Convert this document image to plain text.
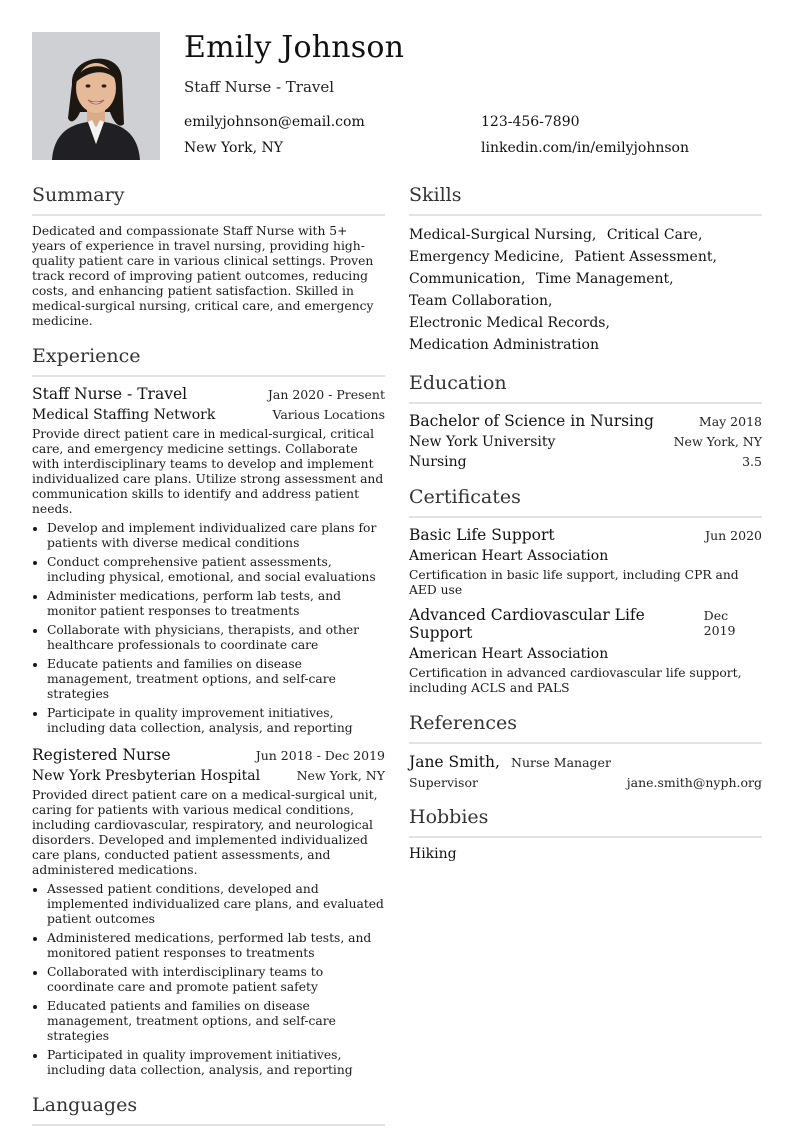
Emily Johnson
Staff Nurse - Travel
emilyjohnson@email.com	123-456-7890
New York, NY	linkedin.com/in/emilyjohnson
Summary

Dedicated and compassionate Staff Nurse with 5+ years of experience in travel nursing, providing high-quality patient care in various clinical settings. Proven track record of improving patient outcomes, reducing costs, and enhancing patient satisfaction. Skilled in medical-surgical nursing, critical care, and emergency medicine.

Experience
Staff Nurse - Travel	Jan 2020 - Present
Medical Staffing Network	Various Locations

Provide direct patient care in medical-surgical, critical care, and emergency medicine settings. Collaborate with interdisciplinary teams to develop and implement individualized care plans. Utilize strong assessment and communication skills to identify and address patient needs.

• Develop and implement individualized care plans for patients with diverse medical conditions
• Conduct comprehensive patient assessments, including physical, emotional, and social evaluations
• Administer medications, perform lab tests, and monitor patient responses to treatments
• Collaborate with physicians, therapists, and other healthcare professionals to coordinate care
• Educate patients and families on disease management, treatment options, and self-care strategies
• Participate in quality improvement initiatives, including data collection, analysis, and reporting
Registered Nurse	Jun 2018 - Dec 2019
New York Presbyterian Hospital	New York, NY

Provided direct patient care on a medical-surgical unit, caring for patients with various medical conditions, including cardiovascular, respiratory, and neurological disorders. Developed and implemented individualized care plans, conducted patient assessments, and administered medications.

• Assessed patient conditions, developed and implemented individualized care plans, and evaluated patient outcomes
• Administered medications, performed lab tests, and monitored patient responses to treatments
• Collaborated with interdisciplinary teams to coordinate care and promote patient safety
• Educated patients and families on disease management, treatment options, and self-care strategies
• Participated in quality improvement initiatives, including data collection, analysis, and reporting
Languages
Skills
Medical-Surgical Nursing, Critical Care, Emergency Medicine, Patient Assessment, Communication, Time Management, Team Collaboration, Electronic Medical Records, Medication Administration
Education
Bachelor of Science in Nursing	May 2018
New York University	New York, NY
Nursing	3.5
Certificates
Basic Life Support	Jun 2020
American Heart Association
Certification in basic life support, including CPR and AED use
Advanced Cardiovascular Life Support
Dec 2019
American Heart Association
Certification in advanced cardiovascular life support, including ACLS and PALS
References
Jane Smith, Nurse Manager
Supervisor	jane.smith@nyph.org
Hobbies
Hiking
